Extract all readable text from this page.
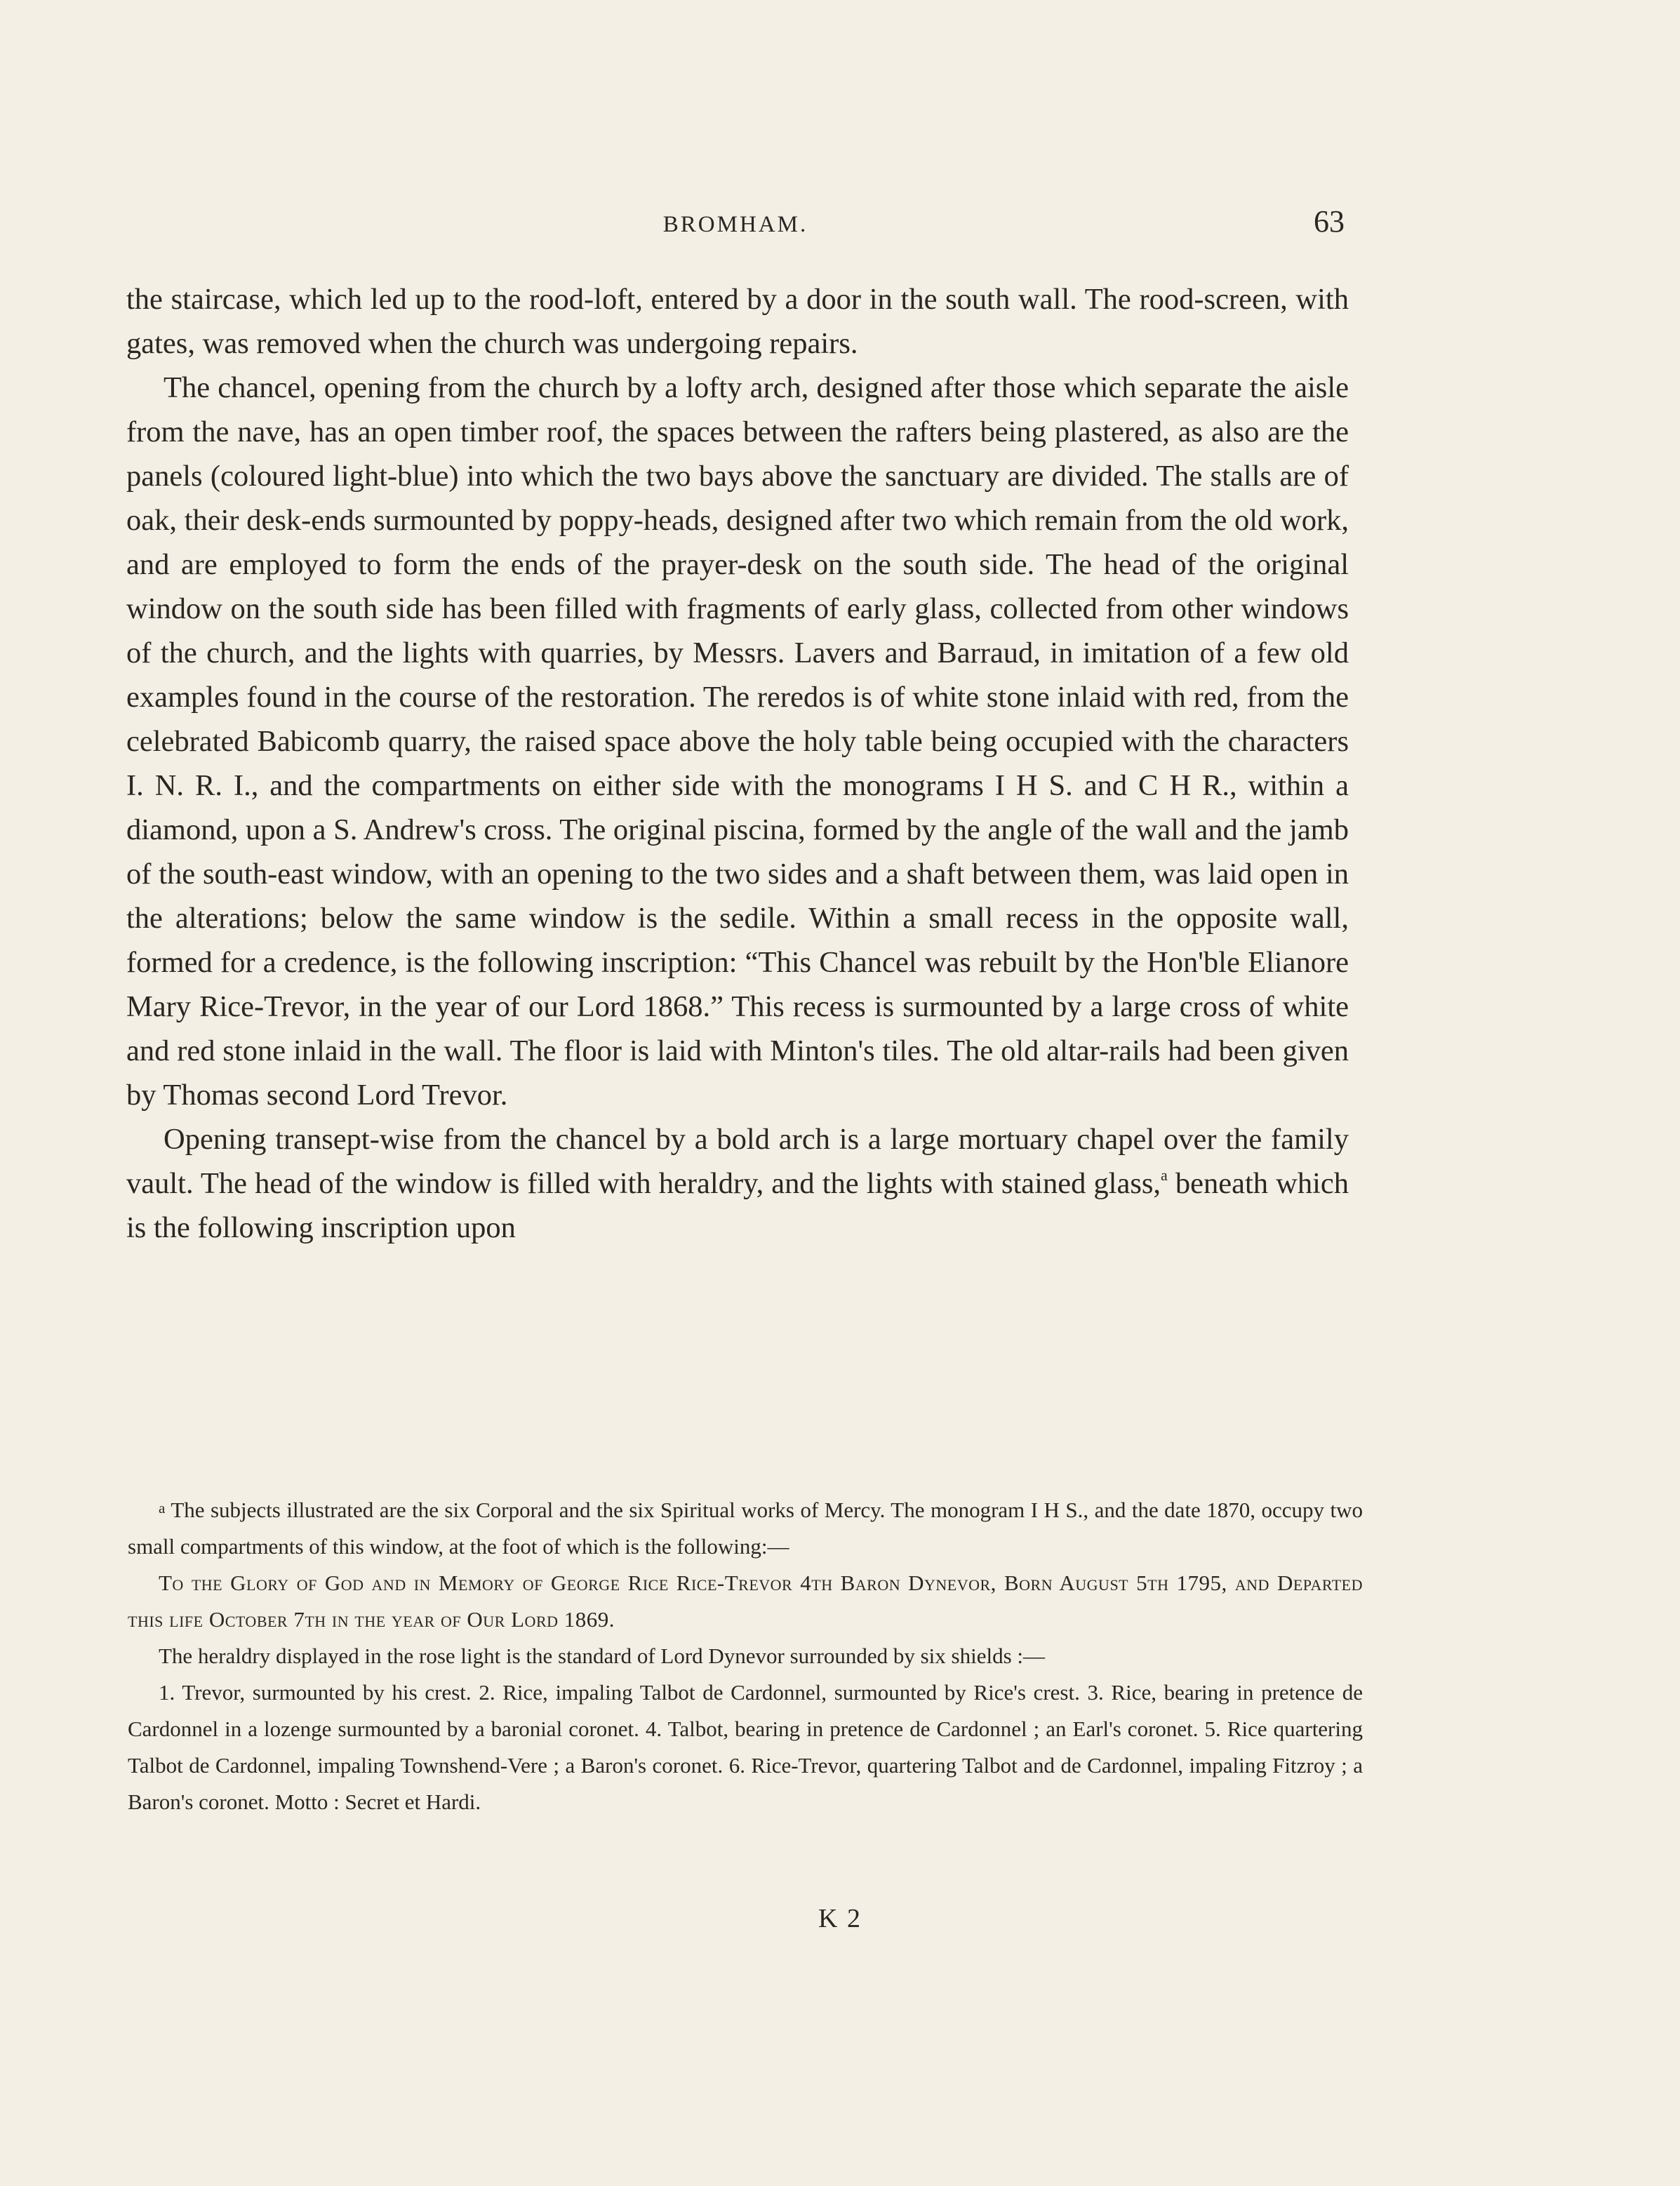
BROMHAM.	63

the staircase, which led up to the rood-loft, entered by a door in the south wall. The rood-screen, with gates, was removed when the church was undergoing repairs.

The chancel, opening from the church by a lofty arch, designed after those which separate the aisle from the nave, has an open timber roof, the spaces between the rafters being plastered, as also are the panels (coloured light-blue) into which the two bays above the sanctuary are divided. The stalls are of oak, their desk-ends surmounted by poppy-heads, designed after two which remain from the old work, and are employed to form the ends of the prayer-desk on the south side. The head of the original window on the south side has been filled with fragments of early glass, collected from other windows of the church, and the lights with quarries, by Messrs. Lavers and Barraud, in imitation of a few old examples found in the course of the restoration. The reredos is of white stone inlaid with red, from the celebrated Babicomb quarry, the raised space above the holy table being occupied with the characters I. N. R. I., and the compartments on either side with the monograms I H S. and C H R., within a diamond, upon a S. Andrew's cross. The original piscina, formed by the angle of the wall and the jamb of the south-east window, with an opening to the two sides and a shaft between them, was laid open in the alterations; below the same window is the sedile. Within a small recess in the opposite wall, formed for a credence, is the following inscription: “This Chancel was rebuilt by the Hon'ble Elianore Mary Rice-Trevor, in the year of our Lord 1868.” This recess is surmounted by a large cross of white and red stone inlaid in the wall. The floor is laid with Minton's tiles. The old altar-rails had been given by Thomas second Lord Trevor.

Opening transept-wise from the chancel by a bold arch is a large mortuary chapel over the family vault. The head of the window is filled with heraldry, and the lights with stained glass,$^a$ beneath which is the following inscription upon

a The subjects illustrated are the six Corporal and the six Spiritual works of Mercy. The monogram I H S., and the date 1870, occupy two small compartments of this window, at the foot of which is the following:—

To the Glory of God and in Memory of George Rice Rice-Trevor 4th Baron Dynevor, Born August 5th 1795, and Departed this life October 7th in the year of Our Lord 1869.

The heraldry displayed in the rose light is the standard of Lord Dynevor surrounded by six shields :—

1. Trevor, surmounted by his crest. 2. Rice, impaling Talbot de Cardonnel, surmounted by Rice's crest. 3. Rice, bearing in pretence de Cardonnel in a lozenge surmounted by a baronial coronet. 4. Talbot, bearing in pretence de Cardonnel ; an Earl's coronet. 5. Rice quartering Talbot de Cardonnel, impaling Townshend-Vere ; a Baron's coronet. 6. Rice-Trevor, quartering Talbot and de Cardonnel, impaling Fitzroy ; a Baron's coronet. Motto : Secret et Hardi.

K 2
